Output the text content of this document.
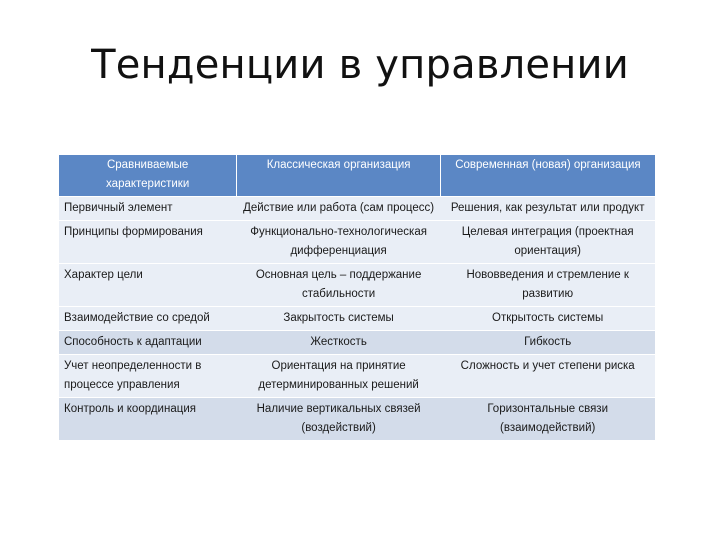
Тенденции в управлении
Сравниваемые характеристики	Классическая организация	Современная (новая) организация
Первичный элемент	Действие или работа (сам процесс)	Решения, как результат или продукт
Принципы формирования	Функционально-технологическая дифференциация	Целевая интеграция (проектная ориентация)
Характер цели	Основная цель – поддержание стабильности	Нововведения и стремление к развитию
Взаимодействие со средой	Закрытость системы	Открытость системы
Способность к адаптации	Жесткость	Гибкость
Учет неопределенности в процессе управления	Ориентация на принятие детерминированных решений	Сложность и учет степени риска
Контроль и координация	Наличие вертикальных связей (воздействий)	Горизонтальные связи (взаимодействий)
